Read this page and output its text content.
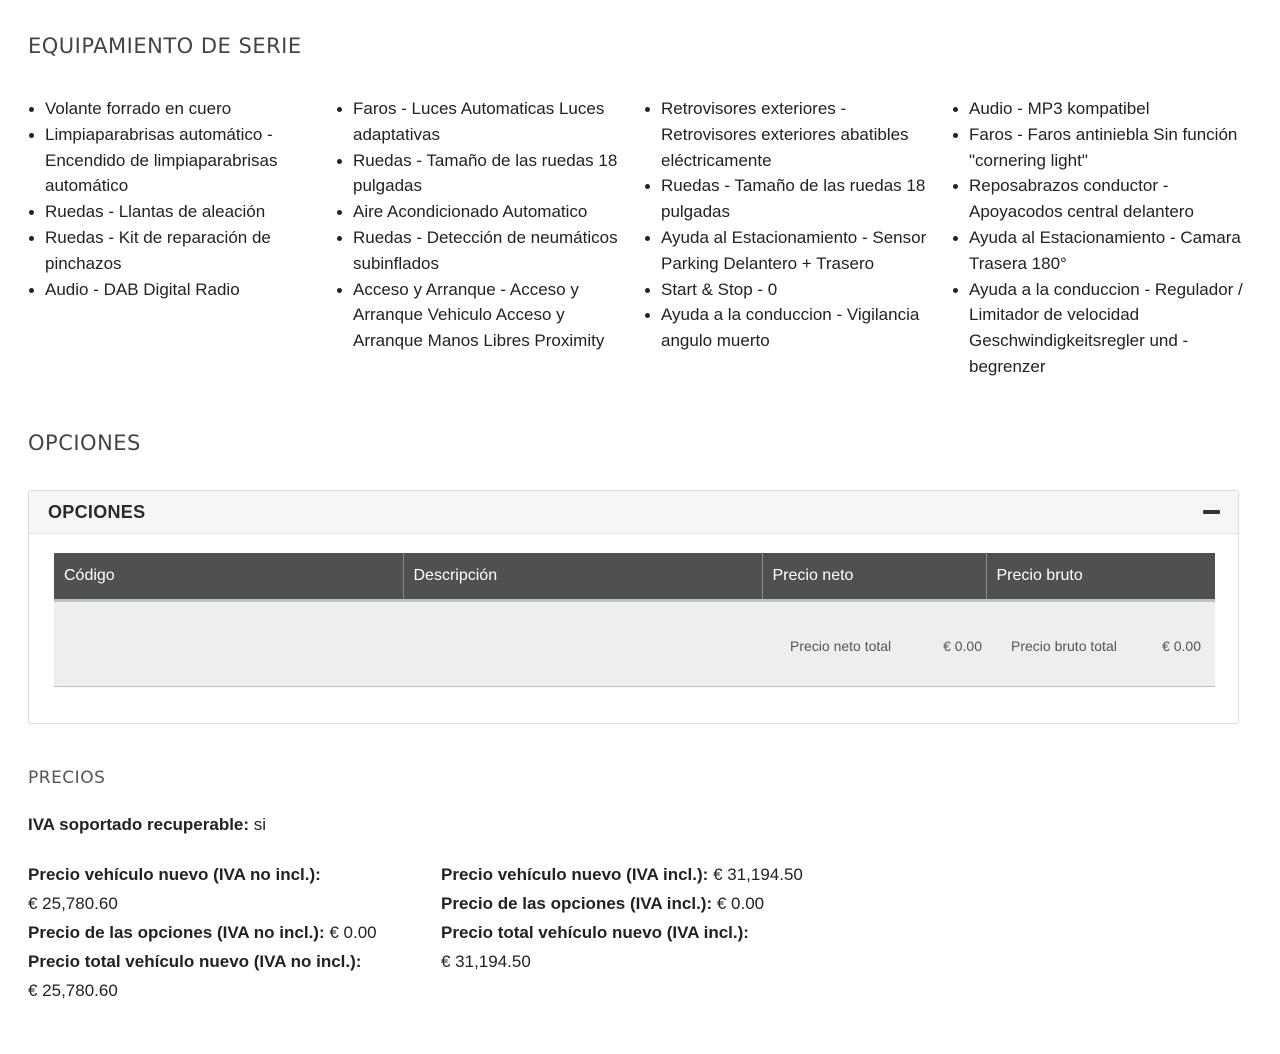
EQUIPAMIENTO DE SERIE
Volante forrado en cuero
Limpiaparabrisas automático - Encendido de limpiaparabrisas automático
Ruedas - Llantas de aleación
Ruedas - Kit de reparación de pinchazos
Audio - DAB Digital Radio
Faros - Luces Automaticas Luces adaptativas
Ruedas - Tamaño de las ruedas 18 pulgadas
Aire Acondicionado Automatico
Ruedas - Detección de neumáticos subinflados
Acceso y Arranque - Acceso y Arranque Vehiculo Acceso y Arranque Manos Libres Proximity
Retrovisores exteriores - Retrovisores exteriores abatibles eléctricamente
Ruedas - Tamaño de las ruedas 18 pulgadas
Ayuda al Estacionamiento - Sensor Parking Delantero + Trasero
Start & Stop - 0
Ayuda a la conduccion - Vigilancia angulo muerto
Audio - MP3 kompatibel
Faros - Faros antiniebla Sin función "cornering light"
Reposabrazos conductor - Apoyacodos central delantero
Ayuda al Estacionamiento - Camara Trasera 180°
Ayuda a la conduccion - Regulador / Limitador de velocidad Geschwindigkeitsregler und -begrenzer
OPCIONES
OPCIONES
Código	Descripción	Precio neto	Precio bruto

Precio neto total	€ 0.00 Precio bruto total	€ 0.00
PRECIOS
IVA soportado recuperable: si
Precio vehículo nuevo (IVA no incl.):
€ 25,780.60
Precio de las opciones (IVA no incl.): € 0.00
Precio total vehículo nuevo (IVA no incl.):
€ 25,780.60
Precio vehículo nuevo (IVA incl.): € 31,194.50
Precio de las opciones (IVA incl.): € 0.00
Precio total vehículo nuevo (IVA incl.):
€ 31,194.50
